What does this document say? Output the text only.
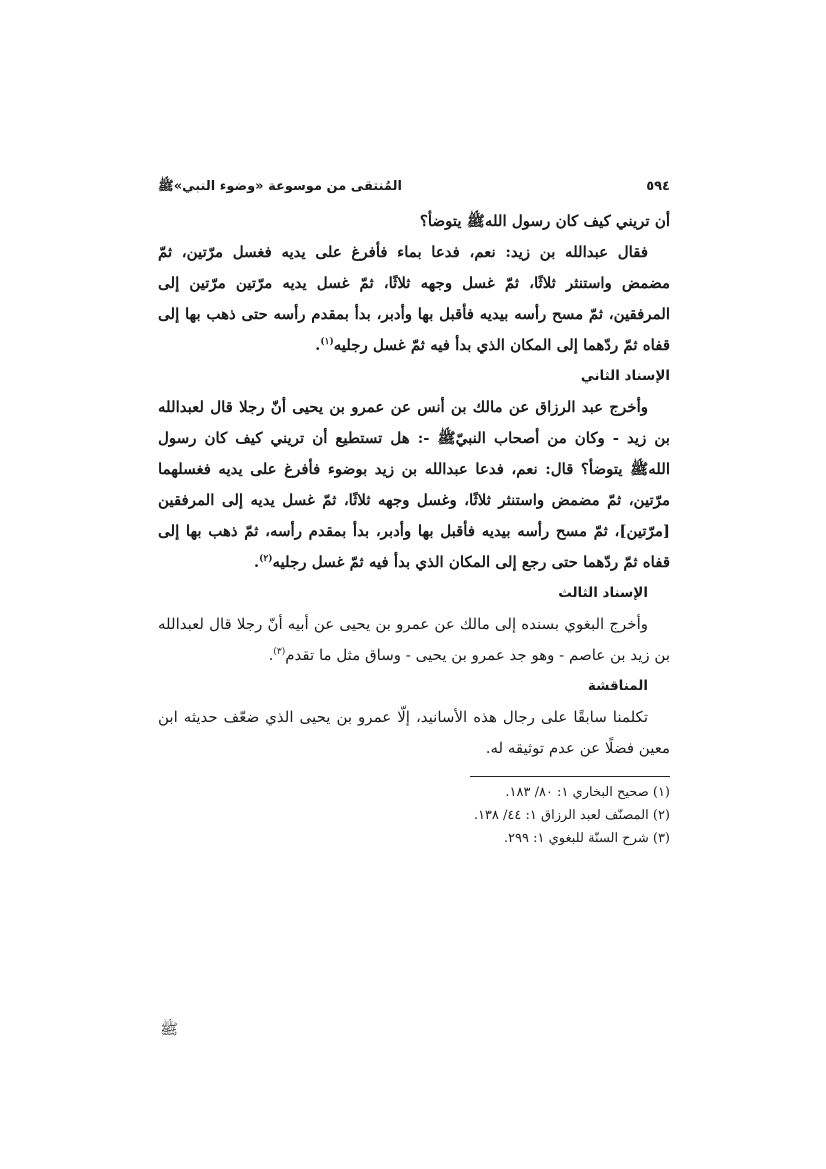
٥٩٤
المُنتقى من موسوعة «وضوء النبي»ﷺ

أن تريني كيف كان رسول اللهﷺ يتوضأ؟

فقال عبدالله بن زيد: نعم، فدعا بماء فأفرغ على يديه فغسل مرّتين، ثمّ مضمض واستنثر ثلاثًا، ثمّ غسل وجهه ثلاثًا، ثمّ غسل يديه مرّتين مرّتين إلى المرفقين، ثمّ مسح رأسه بيديه فأقبل بها وأدبر، بدأ بمقدم رأسه حتى ذهب بها إلى قفاه ثمّ ردّهما إلى المكان الذي بدأ فيه ثمّ غسل رجليه$^{(١)}$.

الإسناد الثاني

وأخرج عبد الرزاق عن مالك بن أنس عن عمرو بن يحيى أنّ رجلا قال لعبدالله بن زيد - وكان من أصحاب النبيّﷺ -: هل تستطيع أن تريني كيف كان رسول اللهﷺ يتوضأ؟ قال: نعم، فدعا عبدالله بن زيد بوضوء فأفرغ على يديه فغسلهما مرّتين، ثمّ مضمض واستنثر ثلاثًا، وغسل وجهه ثلاثًا، ثمّ غسل يديه إلى المرفقين [مرّتين]، ثمّ مسح رأسه بيديه فأقبل بها وأدبر، بدأ بمقدم رأسه، ثمّ ذهب بها إلى قفاه ثمّ ردّهما حتى رجع إلى المكان الذي بدأ فيه ثمّ غسل رجليه$^{(٢)}$.

الإسناد الثالث

وأخرج البغوي بسنده إلى مالك عن عمرو بن يحيى عن أبيه أنّ رجلا قال لعبدالله بن زيد بن عاصم - وهو جد عمرو بن يحيى - وساق مثل ما تقدم$^{(٣)}$.

المناقشة

تكلمنا سابقًا على رجال هذه الأسانيد، إلّا عمرو بن يحيى الذي ضعّف حديثه ابن معين فضلًا عن عدم توثيقه له.

(١) صحيح البخاري ١: ٨٠/ ١٨٣.

(٢) المصنّف لعبد الرزاق ١: ٤٤/ ١٣٨.

(٣) شرح السنّة للبغوي ١: ٢٩٩.

ﷺ
